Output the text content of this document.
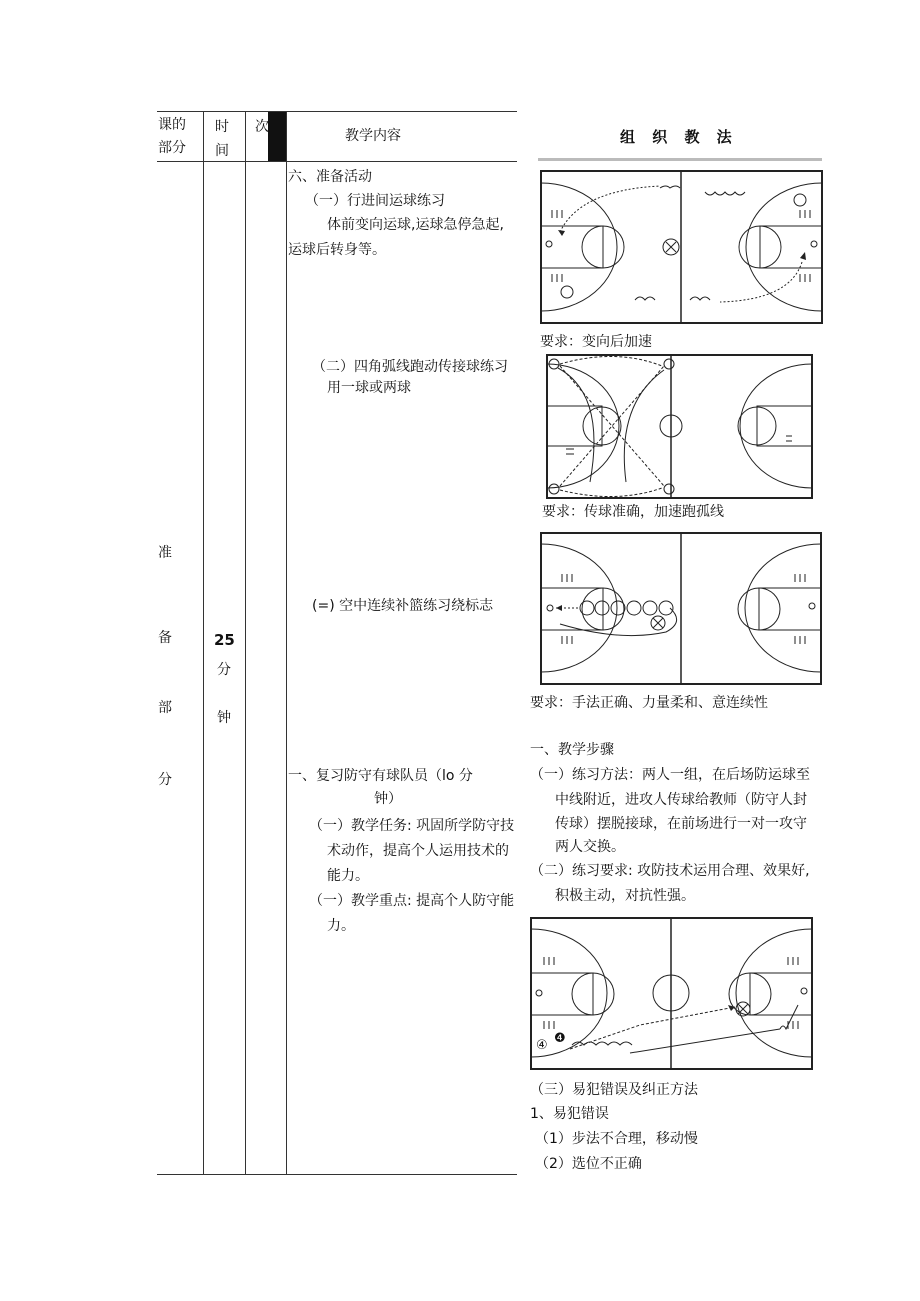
课的
部分
时
间
次
教学内容	组 织 教 法
准
备
部
分
25
分
钟
六、准备活动
（一）行进间运球练习
体前变向运球,运球急停急起,
运球后转身等。
（二）四角弧线跑动传接球练习
用一球或两球
(=) 空中连续补篮练习绕标志
一、复习防守有球队员（lo 分
钟）
（一）教学任务: 巩固所学防守技
术动作，提高个人运用技术的
能力。
（一）教学重点: 提高个人防守能
力。
要求：变向后加速
要求：传球准确，加速跑孤线
要求：手法正确、力量柔和、意连续性
一、教学步骤
（一）练习方法：两人一组，在后场防运球至
中线附近，进攻人传球给教师（防守人封
传球）摆脱接球，在前场进行一对一攻守
两人交换。
（二）练习要求: 攻防技术运用合理、效果好,
积极主动，对抗性强。
④ ❹
（三）易犯错误及纠正方法
1、易犯错误
（1）步法不合理，移动慢
（2）选位不正确
